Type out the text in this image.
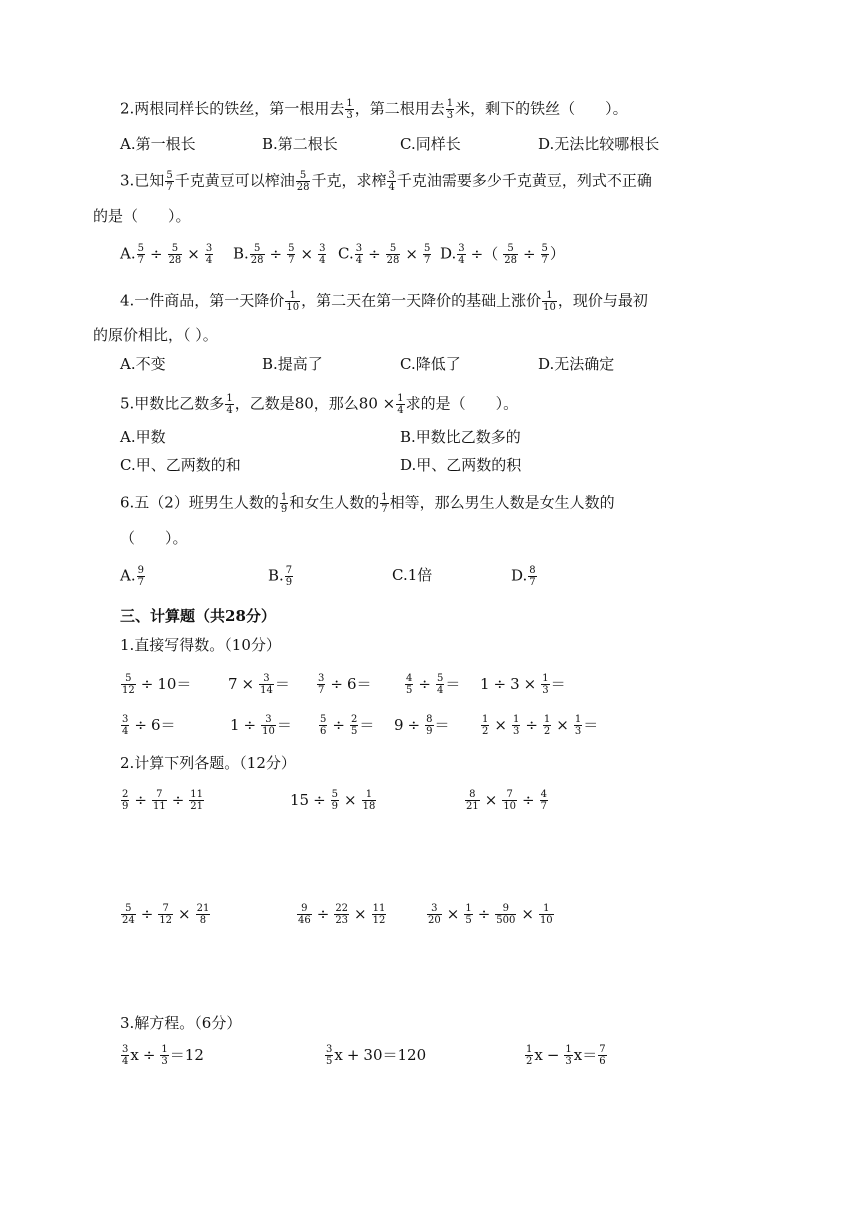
2.两根同样长的铁丝，第一根用去 $\frac{1}{3}$ ，第二根用去 $\frac{1}{3}$ 米，剩下的铁丝（　　）。
A.第一根长	B.第二根长	C.同样长	D.无法比较哪根长
3.已知 $\frac{5}{7}$ 千克黄豆可以榨油 $\frac{5}{28}$ 千克，求榨 $\frac{3}{4}$ 千克油需要多少千克黄豆，列式不正确
的是（　　）。
A. $\frac{5}{7} \div \frac{5}{28} \times \frac{3}{4} B$. $\frac{5}{28} \div \frac{5}{7} \times \frac{3}{4} C$. $\frac{3}{4} \div \frac{5}{28} \times \frac{5}{7} D$. $\frac{3}{4}$ ÷（ $\frac{5}{28} \div \frac{5}{7}$ ）
4.一件商品，第一天降价 $\frac{1}{10}$ ，第二天在第一天降价的基础上涨价 $\frac{1}{10}$ ，现价与最初
的原价相比，（ ）。
A.不变	B.提高了	C.降低了	D.无法确定
5.甲数比乙数多 $\frac{1}{4}$ ，乙数是80，那么$80 \times \frac{1}{4}$ 求的是（　　）。
A.甲数	B.甲数比乙数多的
C.甲、乙两数的和	D.甲、乙两数的积
6.五（2）班男生人数的 $\frac{1}{9}$ 和女生人数的 $\frac{1}{7}$ 相等，那么男生人数是女生人数的
（　　）。
A. $\frac{9}{7}$	B. $\frac{7}{9}$	C.1倍	D. $\frac{8}{7}$
三、计算题（共28分）
1.直接写得数。（10分）
2.计算下列各题。（12分）
3.解方程。（6分）
$\frac{5}{12} \div 10= 7 \times \frac{3}{14}$ ＝	$\frac{3}{7} \div 6=$	$\frac{4}{5} \div \frac{5}{4} = 1 \div 3 \times \frac{1}{3}$ ＝
$\frac{3}{4} \div 6=$	$1 \div \frac{3}{10}$ ＝	$\frac{5}{6} \div \frac{2}{5} = 9 \div \frac{8}{9}$ ＝	$\frac{1}{2} \times \frac{1}{3} \div \frac{1}{2} \times \frac{1}{3}$ ＝
$\frac{2}{9} \div \frac{7}{11} \div \frac{11}{21}$	$15 \div \frac{5}{9} \times \frac{1}{18}$	$\frac{8}{21} \times \frac{7}{10} \div \frac{4}{7}$
$\frac{5}{24} \div \frac{7}{12} \times \frac{21}{8}$	$\frac{9}{46} \div \frac{22}{23} \times \frac{11}{12}$	$\frac{3}{20} \times \frac{1}{5} \div \frac{9}{500} \times \frac{1}{10}$
$\frac{3}{4}$ $x \div \frac{1}{3} =12$	$\frac{3}{5}$ x + 30＝120	$\frac{1}{2}$ $x - \frac{1}{3} x= \frac{7}{6}$
